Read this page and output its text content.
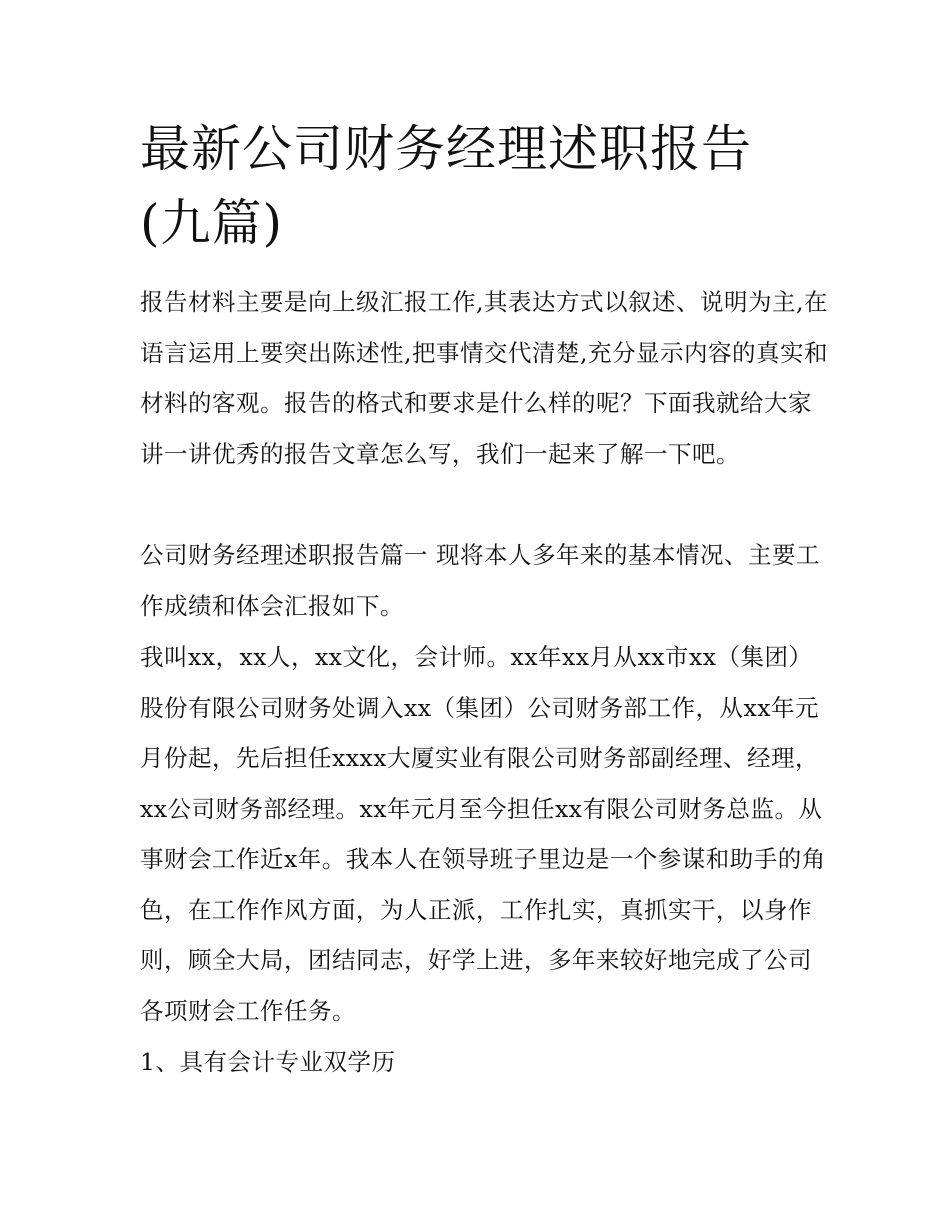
最新公司财务经理述职报告(九篇)

报告材料主要是向上级汇报工作,其表达方式以叙述、说明为主,在语言运用上要突出陈述性,把事情交代清楚,充分显示内容的真实和材料的客观。报告的格式和要求是什么样的呢？下面我就给大家讲一讲优秀的报告文章怎么写，我们一起来了解一下吧。

公司财务经理述职报告篇一 现将本人多年来的基本情况、主要工作成绩和体会汇报如下。

我叫xx，xx人，xx文化，会计师。xx年xx月从xx市xx（集团）股份有限公司财务处调入xx（集团）公司财务部工作，从xx年元月份起，先后担任xxxx大厦实业有限公司财务部副经理、经理，xx公司财务部经理。xx年元月至今担任xx有限公司财务总监。从事财会工作近x年。我本人在领导班子里边是一个参谋和助手的角色，在工作作风方面，为人正派，工作扎实，真抓实干，以身作则，顾全大局，团结同志，好学上进，多年来较好地完成了公司各项财会工作任务。

1、具有会计专业双学历
